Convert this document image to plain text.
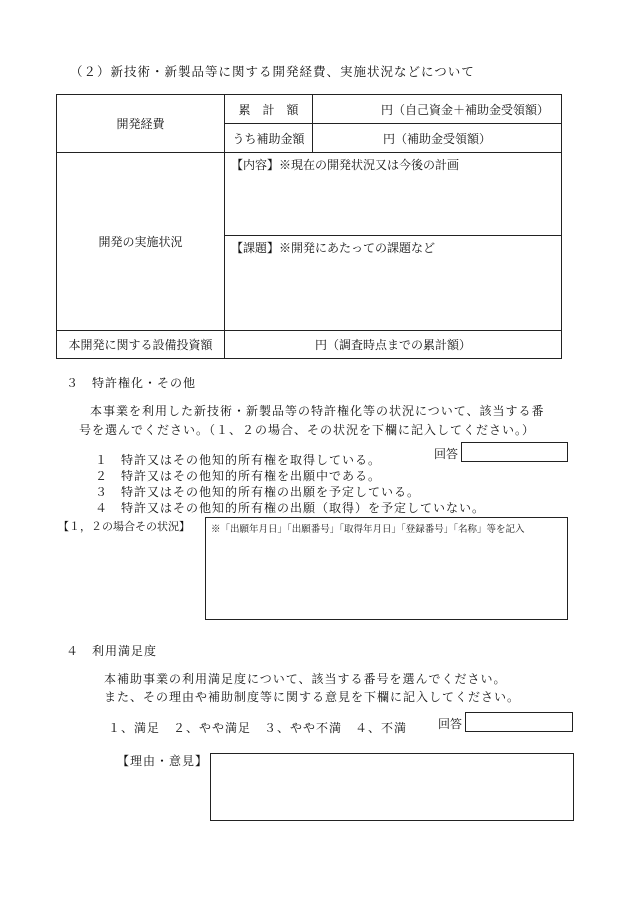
（２）新技術・新製品等に関する開発経費、実施状況などについて
開発経費	累　計　額	円（自己資金＋補助金受領額）
	うち補助金額	円（補助金受領額）
開発の実施状況	【内容】※現在の開発状況又は今後の計画	
	【課題】※開発にあたっての課題など	
本開発に関する設備投資額	円（調査時点までの累計額）	
３　特許権化・その他
本事業を利用した新技術・新製品等の特許権化等の状況について、該当する番
号を選んでください。（１、２の場合、その状況を下欄に記入してください。）
回答
１　特許又はその他知的所有権を取得している。
２　特許又はその他知的所有権を出願中である。
３　特許又はその他知的所有権の出願を予定している。
４　特許又はその他知的所有権の出願（取得）を予定していない。
【１，２の場合その状況】	※「出願年月日」「出願番号」「取得年月日」「登録番号」「名称」等を記入
４　利用満足度
本補助事業の利用満足度について、該当する番号を選んでください。
また、その理由や補助制度等に関する意見を下欄に記入してください。
１、満足　２、やや満足　３、やや不満　４、不満	回答
【理由・意見】
